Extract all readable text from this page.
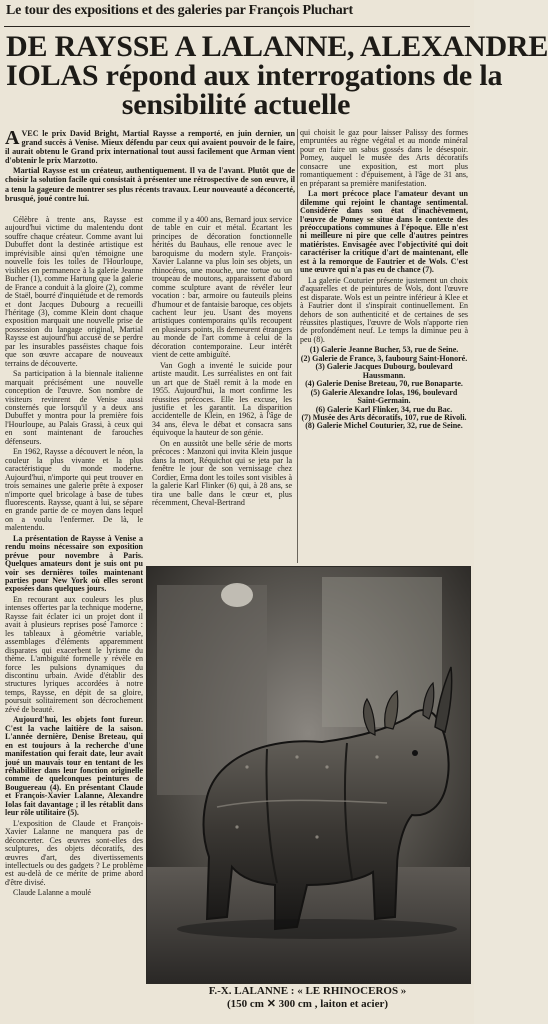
Le tour des expositions et des galeries par François Pluchart
DE RAYSSE A LALANNE, ALEXANDRE
IOLAS répond aux interrogations de la
sensibilité actuelle

AVEC le prix David Bright, Martial Raysse a remporté, en juin dernier, un grand succès à Venise. Mieux défendu par ceux qui avaient pouvoir de le faire, il aurait obtenu le Grand prix international tout aussi facilement que Arman vient d'obtenir le prix Marzotto.

Martial Raysse est un créateur, authentiquement. Il va de l'avant. Plutôt que de choisir la solution facile qui consistait à présenter une rétrospective de son œuvre, il a tenu la gageure de montrer ses plus récents travaux. Leur nouveauté a déconcerté, brusqué, joué contre lui.

Célèbre à trente ans, Raysse est aujourd'hui victime du malentendu dont souffre chaque créateur. Comme avant lui Dubuffet dont la destinée artistique est imprévisible ainsi qu'en témoigne une nouvelle fois les toiles de l'Hourloupe, visibles en permanence à la galerie Jeanne Bucher (1), comme Hartung que la galerie de France a conduit à la gloire (2), comme de Staël, bourré d'inquiétude et de remords et dont Jacques Dubourg a recueilli l'héritage (3), comme Klein dont chaque exposition marquait une nouvelle prise de possession du langage original, Martial Raysse est aujourd'hui accusé de se perdre par les insurables passéistes chaque fois que son œuvre accapare de nouveaux terrains de découverte.

Sa participation à la biennale italienne marquait précisément une nouvelle conception de l'œuvre. Son nombre de visiteurs revinrent de Venise aussi consternés que lorsqu'il y a deux ans Dubuffet y montra pour la première fois l'Hourloupe, au Palais Grassi, à ceux qui en sont maintenant de farouches défenseurs.

En 1962, Raysse a découvert le néon, la couleur la plus vivante et la plus caractéristique du monde moderne. Aujourd'hui, n'importe qui peut trouver en trois semaines une galerie prête à exposer n'importe quel bricolage à base de tubes fluorescents. Raysse, quant à lui, se sépare en grande partie de ce moyen dans lequel on a voulu l'enfermer. De là, le malentendu.

La présentation de Raysse à Venise a rendu moins nécessaire son exposition prévue pour novembre à Paris. Quelques amateurs dont je suis ont pu voir ses dernières toiles maintenant parties pour New York où elles seront exposées dans quelques jours.

En recourant aux couleurs les plus intenses offertes par la technique moderne, Raysse fait éclater ici un projet dont il avait à plusieurs reprises posé l'amorce : les tableaux à géométrie variable, assemblages d'éléments apparemment disparates qui exacerbent le lyrisme du thème. L'ambiguïté formelle y révèle en force les pulsions dynamiques du discontinu urbain. Avide d'établir des structures lyriques accordées à notre temps, Raysse, en dépit de sa gloire, poursuit solitairement son décrochement zévé de beauté.

Aujourd'hui, les objets font fureur. C'est la vache laitière de la saison. L'année dernière, Denise Breteau, qui en est toujours à la recherche d'une manifestation qui ferait date, leur avait joué un mauvais tour en tentant de les réhabiliter dans leur fonction originelle comme de quelconques peintures de Bouguereau (4). En présentant Claude et François-Xavier Lalanne, Alexandre Iolas fait davantage ; il les rétablit dans leur rôle utilitaire (5).

L'exposition de Claude et François-Xavier Lalanne ne manquera pas de déconcerter. Ces œuvres sont-elles des sculptures, des objets décoratifs, des œuvres d'art, des divertissements intellectuels ou des gadgets ? Le problème est au-delà de ce mérite de prime abord d'être divisé.

Claude Lalanne a moulé

comme il y a 400 ans, Bernard joux service de table en cuir et métal. Écartant les principes de décoration fonctionnelle hérités du Bauhaus, elle renoue avec le baroquisme du modern style. François-Xavier Lalanne va plus loin ses objets, un rhinocéros, une mouche, une tortue ou un troupeau de moutons, apparaissent d'abord comme sculpture avant de révéler leur vocation : bar, armoire ou fauteuils pleins d'humour et de fantaisie baroque, ces objets cachent leur jeu. Usant des moyens artistiques contemporains qu'ils recoupent en plusieurs points, ils demeurent étrangers au monde de l'art comme à celui de la décoration contemporaine. Leur intérêt vient de cette ambiguïté.

Van Gogh a inventé le suicide pour artiste maudit. Les surréalistes en ont fait un art que de Staël remit à la mode en 1955. Aujourd'hui, la mort confirme les réussites précoces. Elle les excuse, les justifie et les garantit. La disparition accidentelle de Klein, en 1962, à l'âge de 34 ans, éleva le débat et consacra sans équivoque la hauteur de son génie.

On en aussitôt une belle série de morts précoces : Manzoni qui invita Klein jusque dans la mort, Réquichot qui se jeta par la fenêtre le jour de son vernissage chez Cordier, Erma dont les toiles sont visibles à la galerie Karl Flinker (6) qui, à 28 ans, se tira une balle dans le cœur et, plus récemment, Cheval-Bertrand

qui choisit le gaz pour laisser Palissy des formes empruntées au règne végétal et au monde minéral pour en faire un sabus gossés dans le désespoir. Pomey, auquel le musée des Arts décoratifs consacre une exposition, est mort plus romantiquement : d'épuisement, à l'âge de 31 ans, en préparant sa première manifestation.

La mort précoce place l'amateur devant un dilemme qui rejoint le chantage sentimental. Considérée dans son état d'inachèvement, l'œuvre de Pomey se situe dans le contexte des préoccupations communes à l'époque. Elle n'est ni meilleure ni pire que celle d'autres peintres matiéristes. Envisagée avec l'objectivité qui doit caractériser la critique d'art de maintenant, elle est à la remorque de Fautrier et de Wols. C'est une œuvre qui n'a pas eu de chance (7).

La galerie Couturier présente justement un choix d'aquarelles et de peintures de Wols, dont l'œuvre est disparate. Wols est un peintre inférieur à Klee et à Fautrier dont il s'inspirait continuellement. En dehors de son authenticité et de certaines de ses réussites plastiques, l'œuvre de Wols n'apporte rien de profondément neuf. Le temps la diminue peu à peu (8).

(1) Galerie Jeanne Bucher, 53, rue de Seine.
(2) Galerie de France, 3, faubourg Saint-Honoré.
(3) Galerie Jacques Dubourg, boulevard Haussmann.
(4) Galerie Denise Breteau, 70, rue Bonaparte.
(5) Galerie Alexandre Iolas, 196, boulevard Saint-Germain.
(6) Galerie Karl Flinker, 34, rue du Bac.
(7) Musée des Arts décoratifs, 107, rue de Rivoli.
(8) Galerie Michel Couturier, 32, rue de Seine.
F.-X. LALANNE : « LE RHINOCEROS »
(150 cm ✕ 300 cm , laiton et acier)
